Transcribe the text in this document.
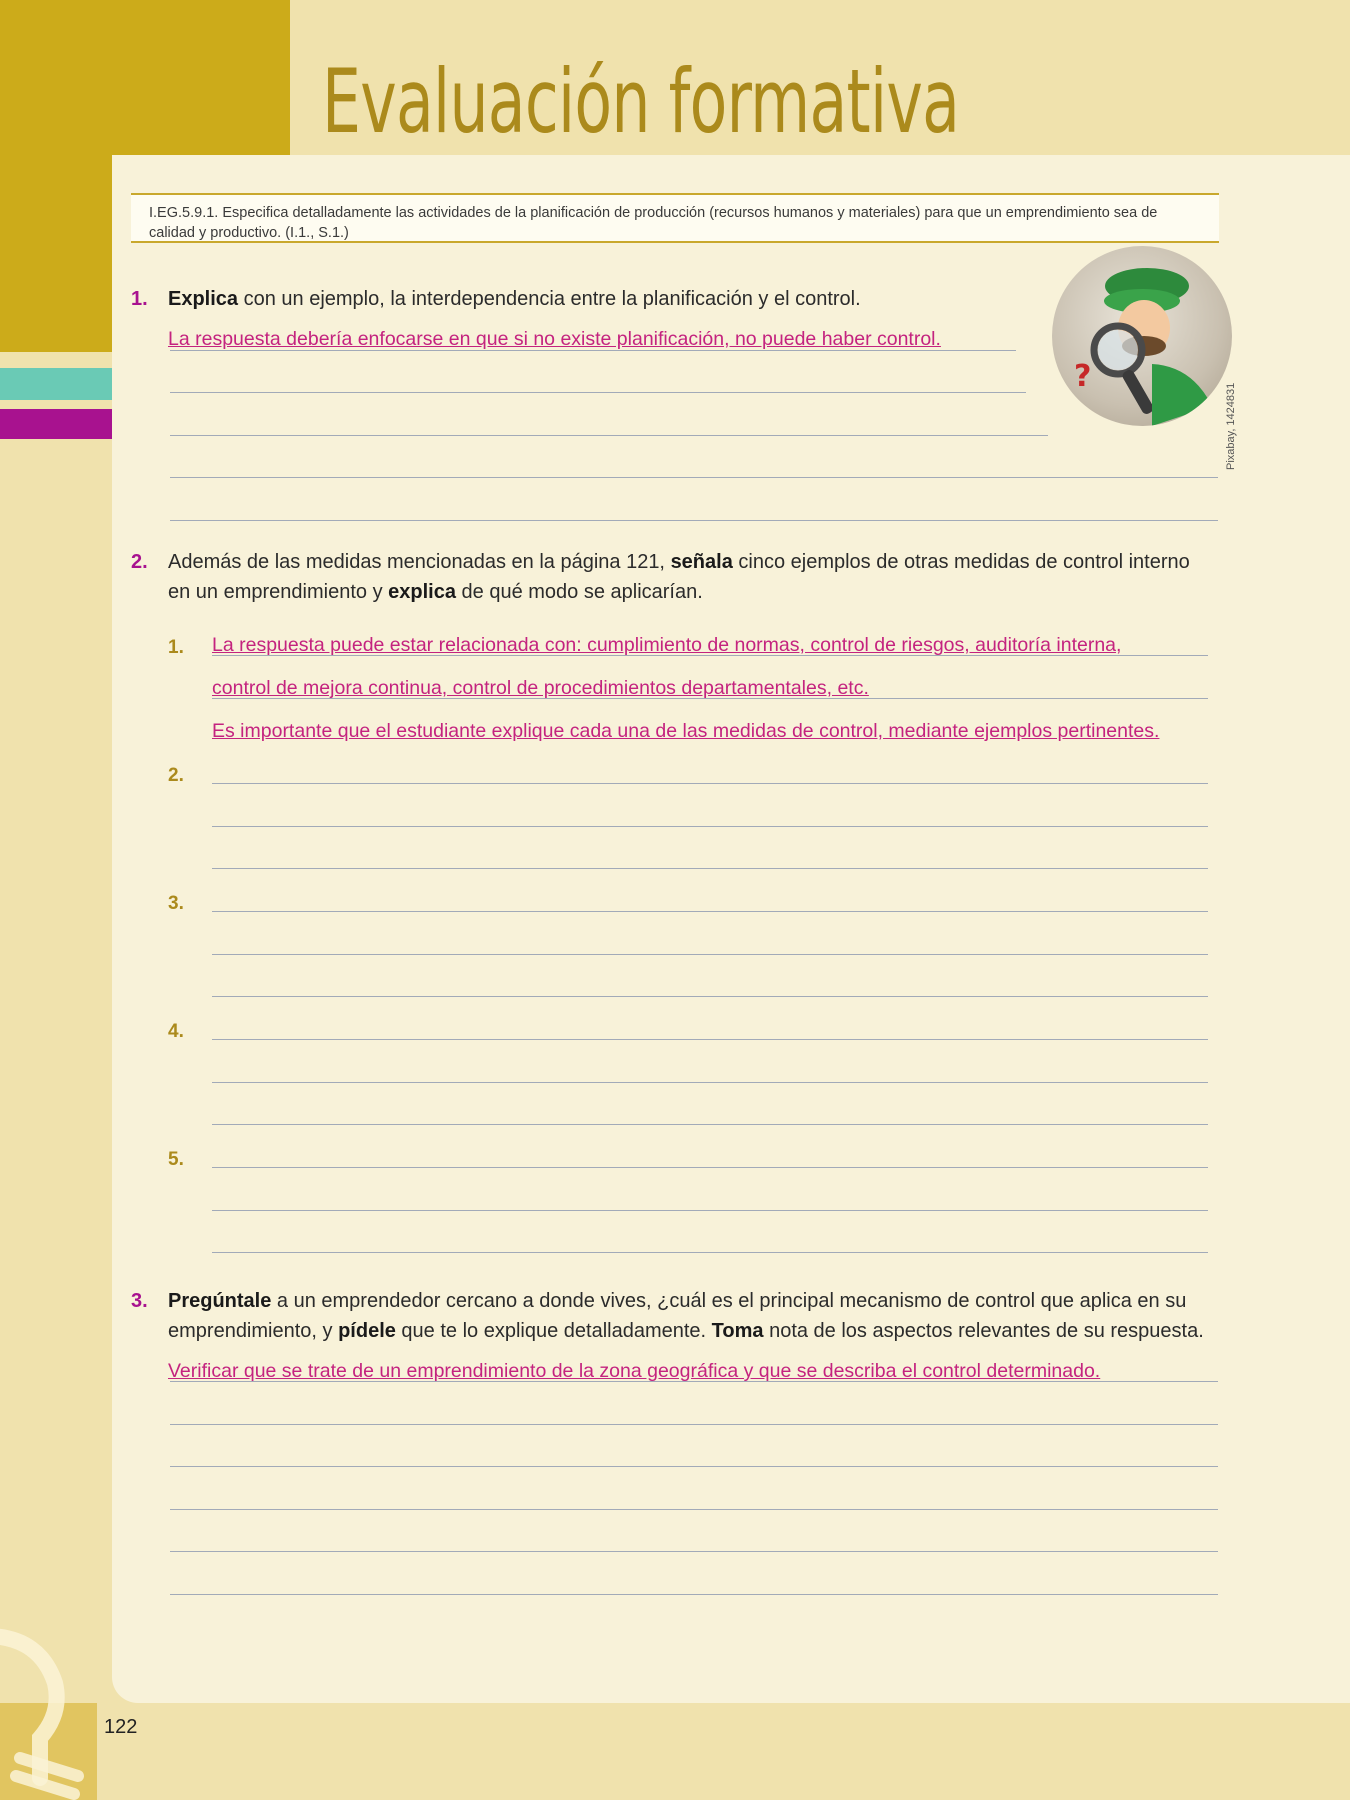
Evaluación formativa
I.EG.5.9.1. Especifica detalladamente las actividades de la planificación de producción (recursos humanos y materiales) para que un emprendimiento sea de calidad y productivo. (I.1., S.1.)
1. Explica con un ejemplo, la interdependencia entre la planificación y el control.
La respuesta debería enfocarse en que si no existe planificación, no puede haber control.
?
Pixabay, 1424831
2. Además de las medidas mencionadas en la página 121, señala cinco ejemplos de otras medidas de control interno
en un emprendimiento y explica de qué modo se aplicarían.
1. La respuesta puede estar relacionada con: cumplimiento de normas, control de riesgos, auditoría interna,
control de mejora continua, control de procedimientos departamentales, etc.
Es importante que el estudiante explique cada una de las medidas de control, mediante ejemplos pertinentes.
2.
3.
4.
5.
3. Pregúntale a un emprendedor cercano a donde vives, ¿cuál es el principal mecanismo de control que aplica en su
emprendimiento, y pídele que te lo explique detalladamente. Toma nota de los aspectos relevantes de su respuesta.
Verificar que se trate de un emprendimiento de la zona geográfica y que se describa el control determinado.
122
